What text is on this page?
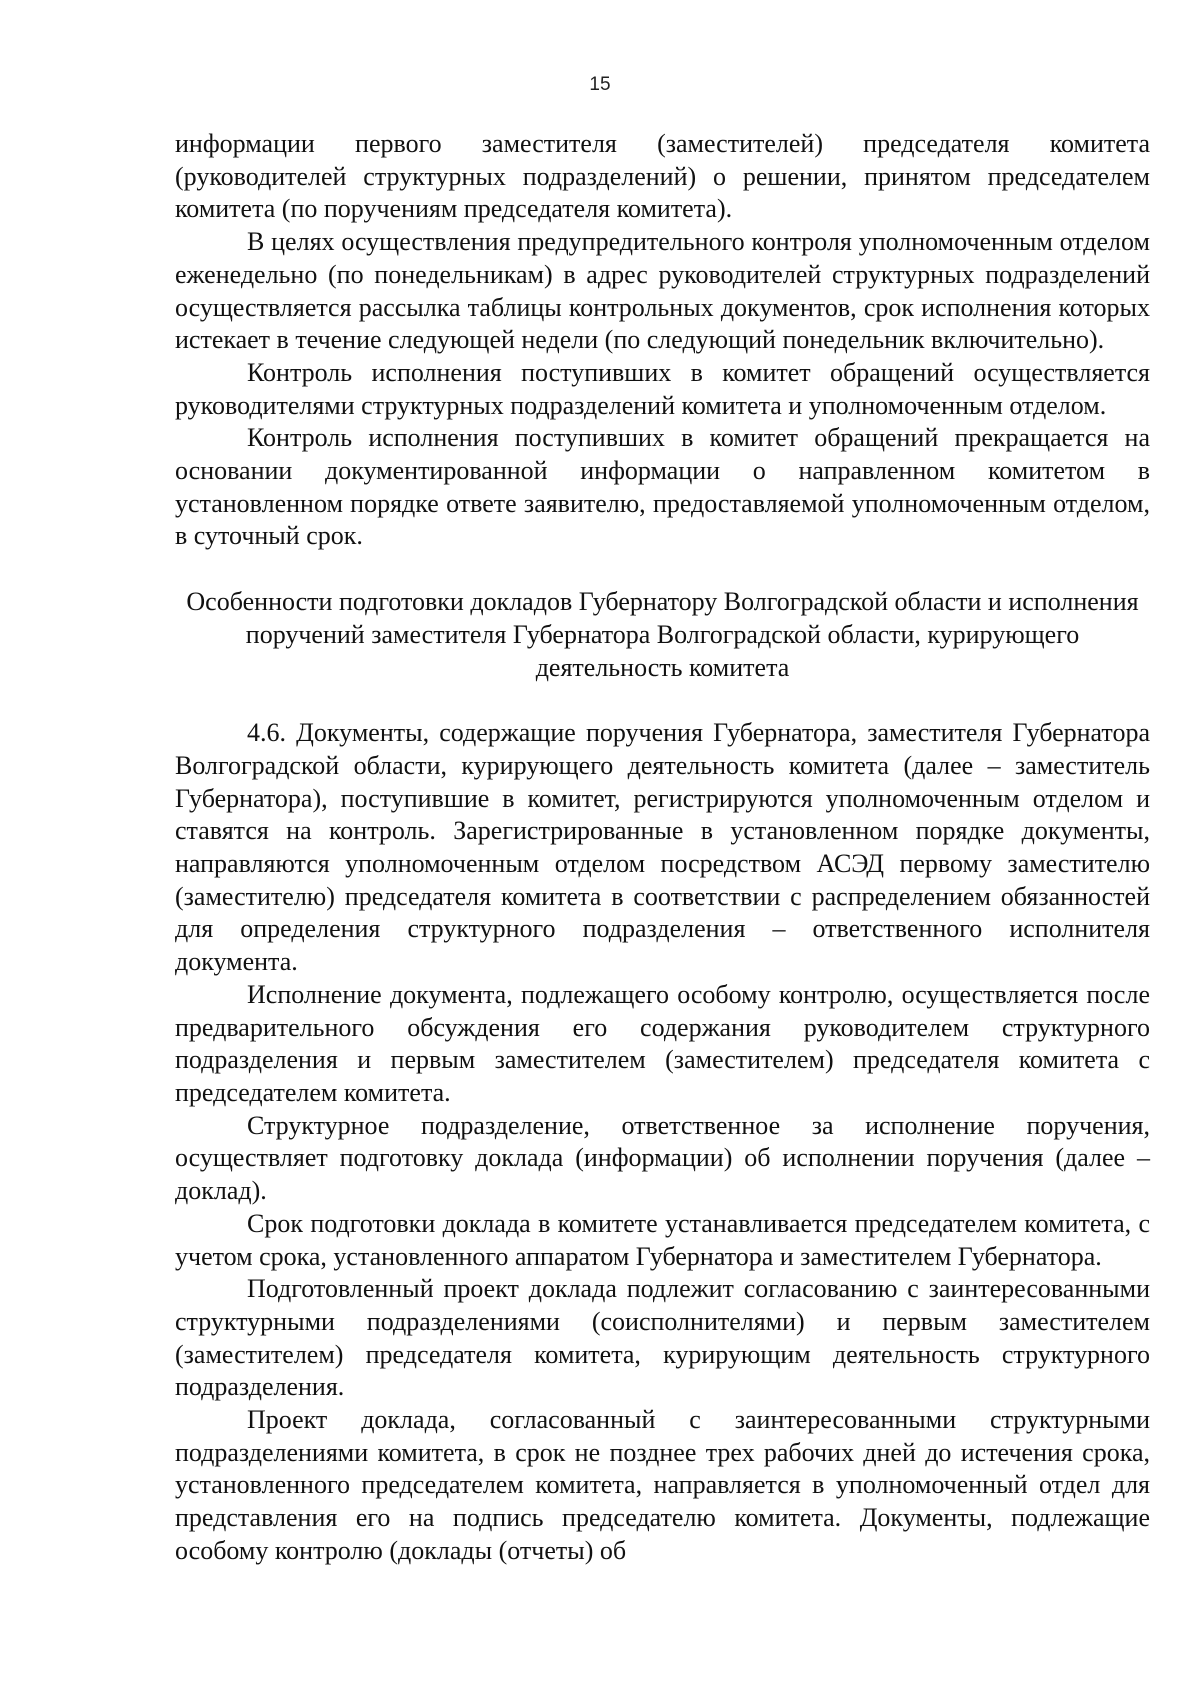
15

информации первого заместителя (заместителей) председателя комитета (руководителей структурных подразделений) о решении, принятом председателем комитета (по поручениям председателя комитета).

В целях осуществления предупредительного контроля уполномоченным отделом еженедельно (по понедельникам) в адрес руководителей структурных подразделений осуществляется рассылка таблицы контрольных документов, срок исполнения которых истекает в течение следующей недели (по следующий понедельник включительно).

Контроль исполнения поступивших в комитет обращений осуществляется руководителями структурных подразделений комитета и уполномоченным отделом.

Контроль исполнения поступивших в комитет обращений прекращается на основании документированной информации о направленном комитетом в установленном порядке ответе заявителю, предоставляемой уполномоченным отделом, в суточный срок.

Особенности подготовки докладов Губернатору Волгоградской области и исполнения поручений заместителя Губернатора Волгоградской области, курирующего деятельность комитета

4.6. Документы, содержащие поручения Губернатора, заместителя Губернатора Волгоградской области, курирующего деятельность комитета (далее – заместитель Губернатора), поступившие в комитет, регистрируются уполномоченным отделом и ставятся на контроль. Зарегистрированные в установленном порядке документы, направляются уполномоченным отделом посредством АСЭД первому заместителю (заместителю) председателя комитета в соответствии с распределением обязанностей для определения структурного подразделения – ответственного исполнителя документа.

Исполнение документа, подлежащего особому контролю, осуществляется после предварительного обсуждения его содержания руководителем структурного подразделения и первым заместителем (заместителем) председателя комитета с председателем комитета.

Структурное подразделение, ответственное за исполнение поручения, осуществляет подготовку доклада (информации) об исполнении поручения (далее – доклад).

Срок подготовки доклада в комитете устанавливается председателем комитета, с учетом срока, установленного аппаратом Губернатора и заместителем Губернатора.

Подготовленный проект доклада подлежит согласованию с заинтересованными структурными подразделениями (соисполнителями) и первым заместителем (заместителем) председателя комитета, курирующим деятельность структурного подразделения.

Проект доклада, согласованный с заинтересованными структурными подразделениями комитета, в срок не позднее трех рабочих дней до истечения срока, установленного председателем комитета, направляется в уполномоченный отдел для представления его на подпись председателю комитета. Документы, подлежащие особому контролю (доклады (отчеты) об
